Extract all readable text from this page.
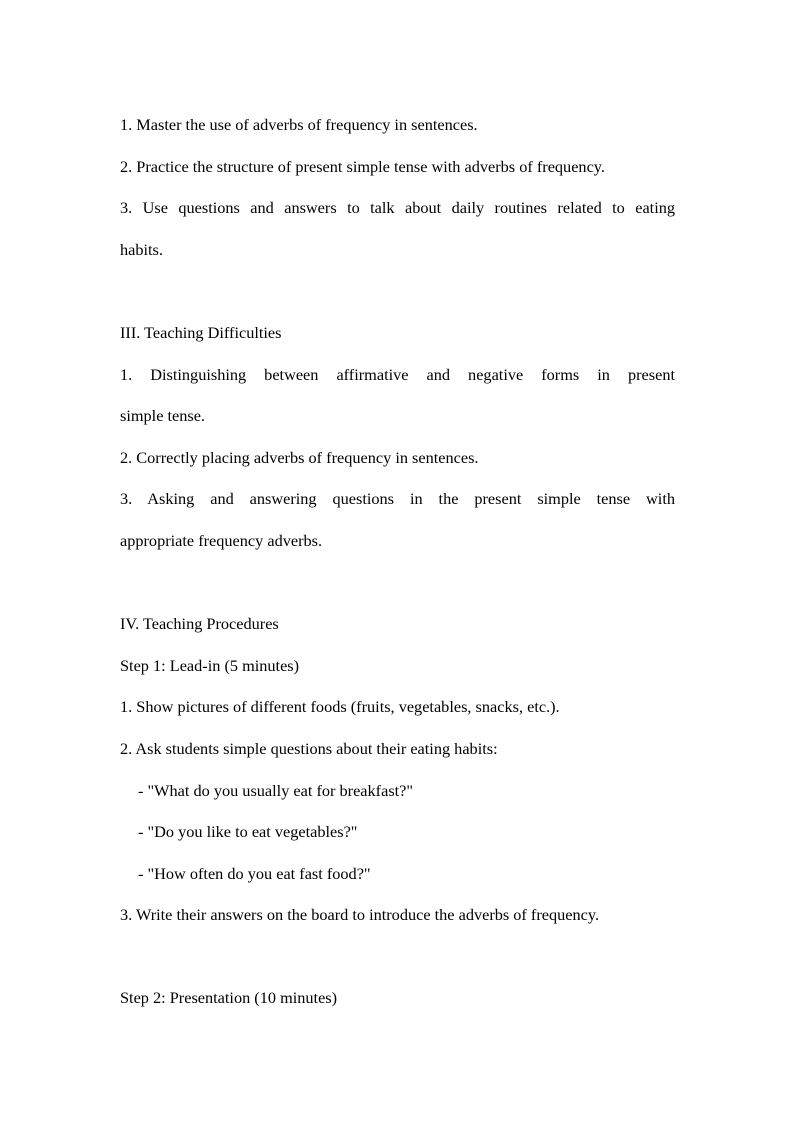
1. Master the use of adverbs of frequency in sentences.
2. Practice the structure of present simple tense with adverbs of frequency.
3. Use questions and answers to talk about daily routines related to eating
habits.
III. Teaching Difficulties
1. Distinguishing between affirmative and negative forms in present
simple tense.
2. Correctly placing adverbs of frequency in sentences.
3. Asking and answering questions in the present simple tense with
appropriate frequency adverbs.
IV. Teaching Procedures
Step 1: Lead-in (5 minutes)
1. Show pictures of different foods (fruits, vegetables, snacks, etc.).
2. Ask students simple questions about their eating habits:
- "What do you usually eat for breakfast?"
- "Do you like to eat vegetables?"
- "How often do you eat fast food?"
3. Write their answers on the board to introduce the adverbs of frequency.
Step 2: Presentation (10 minutes)
